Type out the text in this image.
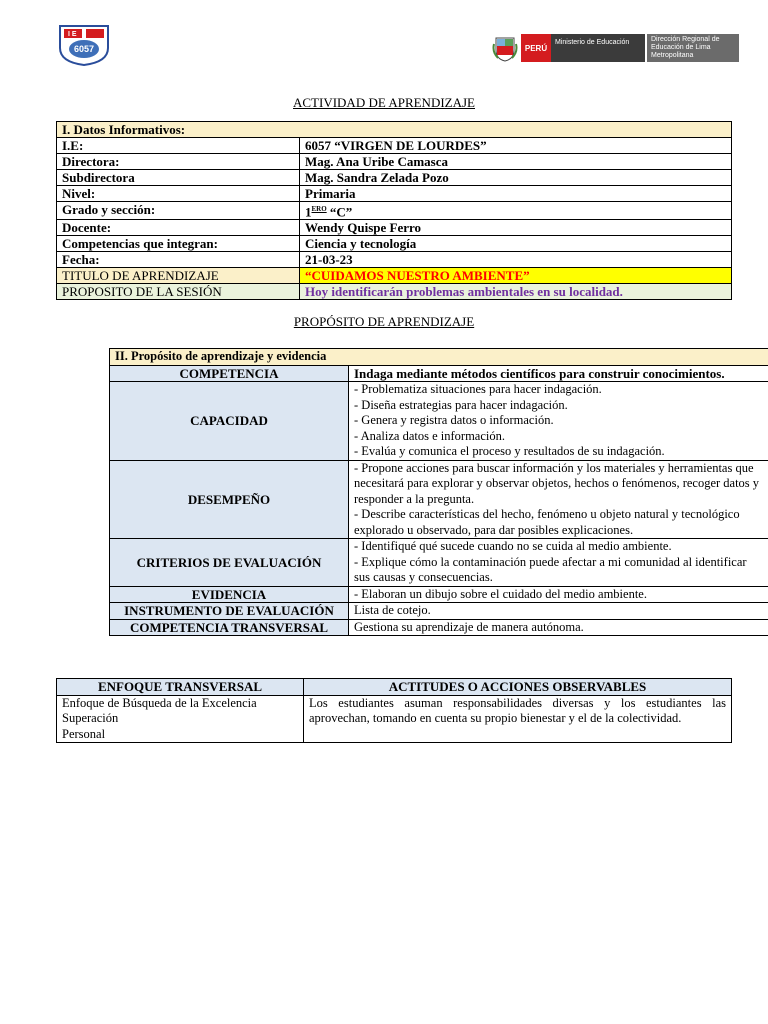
I E
6057	PERÚ
Ministerio de Educación	Dirección Regional de Educación de Lima Metropolitana
ACTIVIDAD DE APRENDIZAJE
I. Datos Informativos:	
I.E:	6057 “VIRGEN DE LOURDES”
Directora:	Mag. Ana Uribe Camasca
Subdirectora	Mag. Sandra Zelada Pozo
Nivel:	Primaria
Grado y sección:	$1^{ERO}$ “C”
Docente:	Wendy Quispe Ferro
Competencias que integran:	Ciencia y tecnología
Fecha:	21-03-23
TITULO DE APRENDIZAJE	“CUIDAMOS NUESTRO AMBIENTE”
PROPOSITO DE LA SESIÓN	Hoy identificarán problemas ambientales en su localidad.
PROPÓSITO DE APRENDIZAJE
II. Propósito de aprendizaje y evidencia	
COMPETENCIA	Indaga mediante métodos científicos para construir conocimientos.
CAPACIDAD	- Problematiza situaciones para hacer indagación.
- Diseña estrategias para hacer indagación.
- Genera y registra datos o información.
- Analiza datos e información.
- Evalúa y comunica el proceso y resultados de su indagación.

DESEMPEÑO	- Propone acciones para buscar información y los materiales y herramientas que necesitará para explorar y observar objetos, hechos o fenómenos, recoger datos y responder a la pregunta.
- Describe características del hecho, fenómeno u objeto natural y tecnológico explorado u observado, para dar posibles explicaciones.

CRITERIOS DE EVALUACIÓN	- Identifiqué qué sucede cuando no se cuida al medio ambiente.
- Explique cómo la contaminación puede afectar a mi comunidad al identificar sus causas y consecuencias.

EVIDENCIA	- Elaboran un dibujo sobre el cuidado del medio ambiente.
INSTRUMENTO DE EVALUACIÓN	Lista de cotejo.
COMPETENCIA TRANSVERSAL	Gestiona su aprendizaje de manera autónoma.
ENFOQUE TRANSVERSAL	ACTITUDES O ACCIONES OBSERVABLES

Enfoque de Búsqueda de la Excelencia
Superación
Personal	Los estudiantes asuman responsabilidades diversas y los estudiantes las aprovechan, tomando en cuenta su propio bienestar y el de la colectividad.
